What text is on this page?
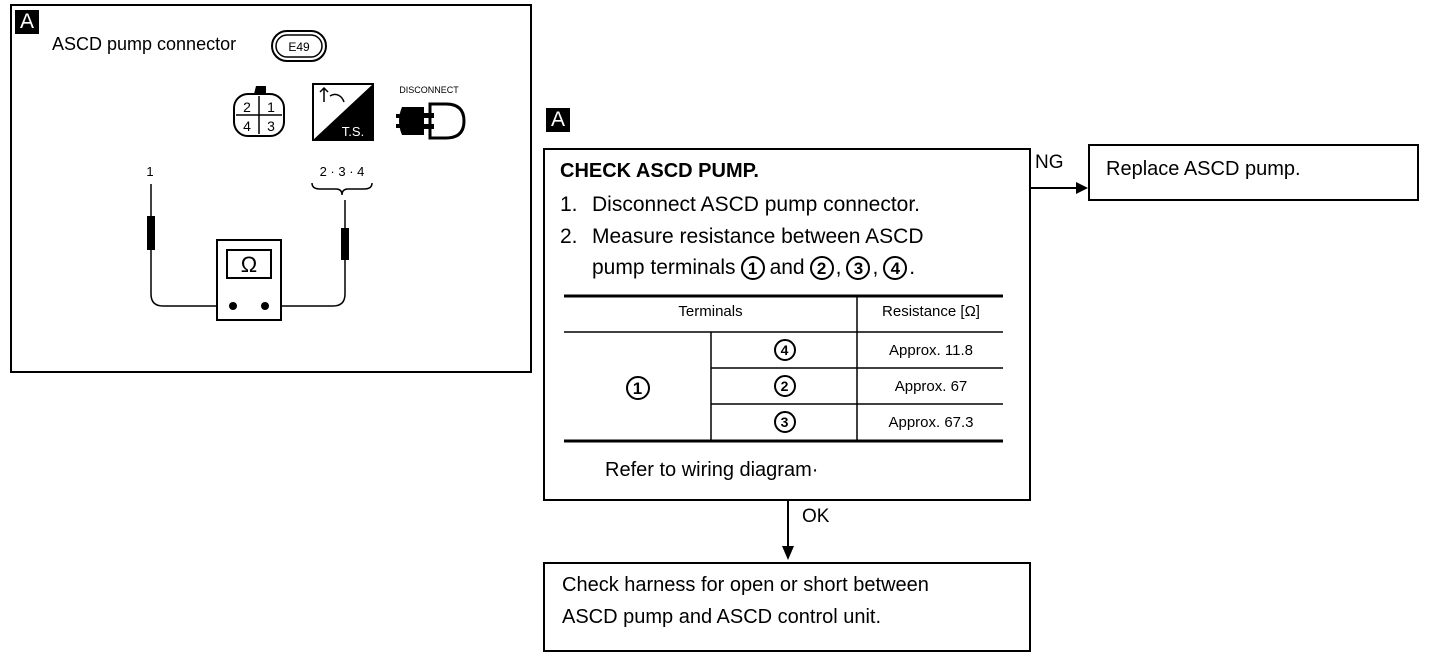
A
ASCD pump connector	E49
2 1
4 3	T.S.
DISCONNECT
1	2 · 3 · 4
Ω
A
CHECK ASCD PUMP.
1. Disconnect ASCD pump connector.
2. Measure resistance between ASCD
pump terminals 1 and 2 , 3 , 4 .
Terminals	Resistance [Ω]
1
4	Approx. 11.8
2	Approx. 67
3	Approx. 67.3
Refer to wiring diagram·
NG Replace ASCD pump.
OK
Check harness for open or short between
ASCD pump and ASCD control unit.
